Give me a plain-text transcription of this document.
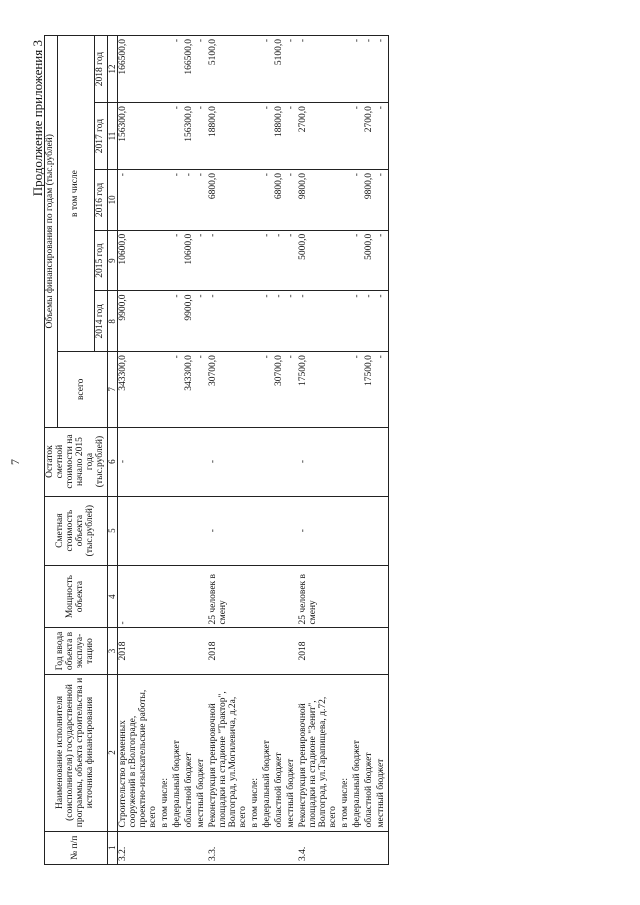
7
Продолжение приложения 3
№ п/п	Наименование исполнителя (соисполнителя) государственной программы, объекта строительства и источника финансирования	Год ввода объекта в эксплуа-тацию	Мощность объекта	Сметная стоимость объекта (тыс.рублей)	Остаток сметной стоимости на начало 2015 года (тыс.рублей)	Объемы финансирования по годам (тыс.рублей)					
						всего	в том числе				
							2014 год	2015 год	2016 год	2017 год	2018 год
1	2	3	4	5	6	7	8	9	10	11	12
3.2.	Строительство временных сооружений в г.Волгограде, проектно-изыскательские работы, всего	2018	-		-	343300,0	9900,0	10600,0	-	156300,0	166500,0
	в том числе:										
	федеральный бюджет					-	-	-	-	-	-
	областной бюджет					343300,0	9900,0	10600,0	-	156300,0	166500,0
	местный бюджет					-	-	-	-	-	-
3.3.	Реконструкция тренировочной площадки на стадионе "Трактор", Волгоград, ул.Могилевича, д.2а, всего	2018	25 человек в смену	-	-	30700,0	-	-	6800,0	18800,0	5100,0
	в том числе:										
	федеральный бюджет					-	-	-	-	-	-
	областной бюджет					30700,0	-	-	6800,0	18800,0	5100,0
	местный бюджет					-	-	-	-	-	-
3.4.	Реконструкция тренировочной площадки на стадионе "Зенит", Волгоград, ул.Тарапищева, д.72, всего	2018	25 человек в смену	-	-	17500,0	-	5000,0	9800,0	2700,0	-
	в том числе:										
	федеральный бюджет					-	-	-	-	-	-
	областной бюджет					17500,0	-	5000,0	9800,0	2700,0	-
	местный бюджет					-	-	-	-	-	-
